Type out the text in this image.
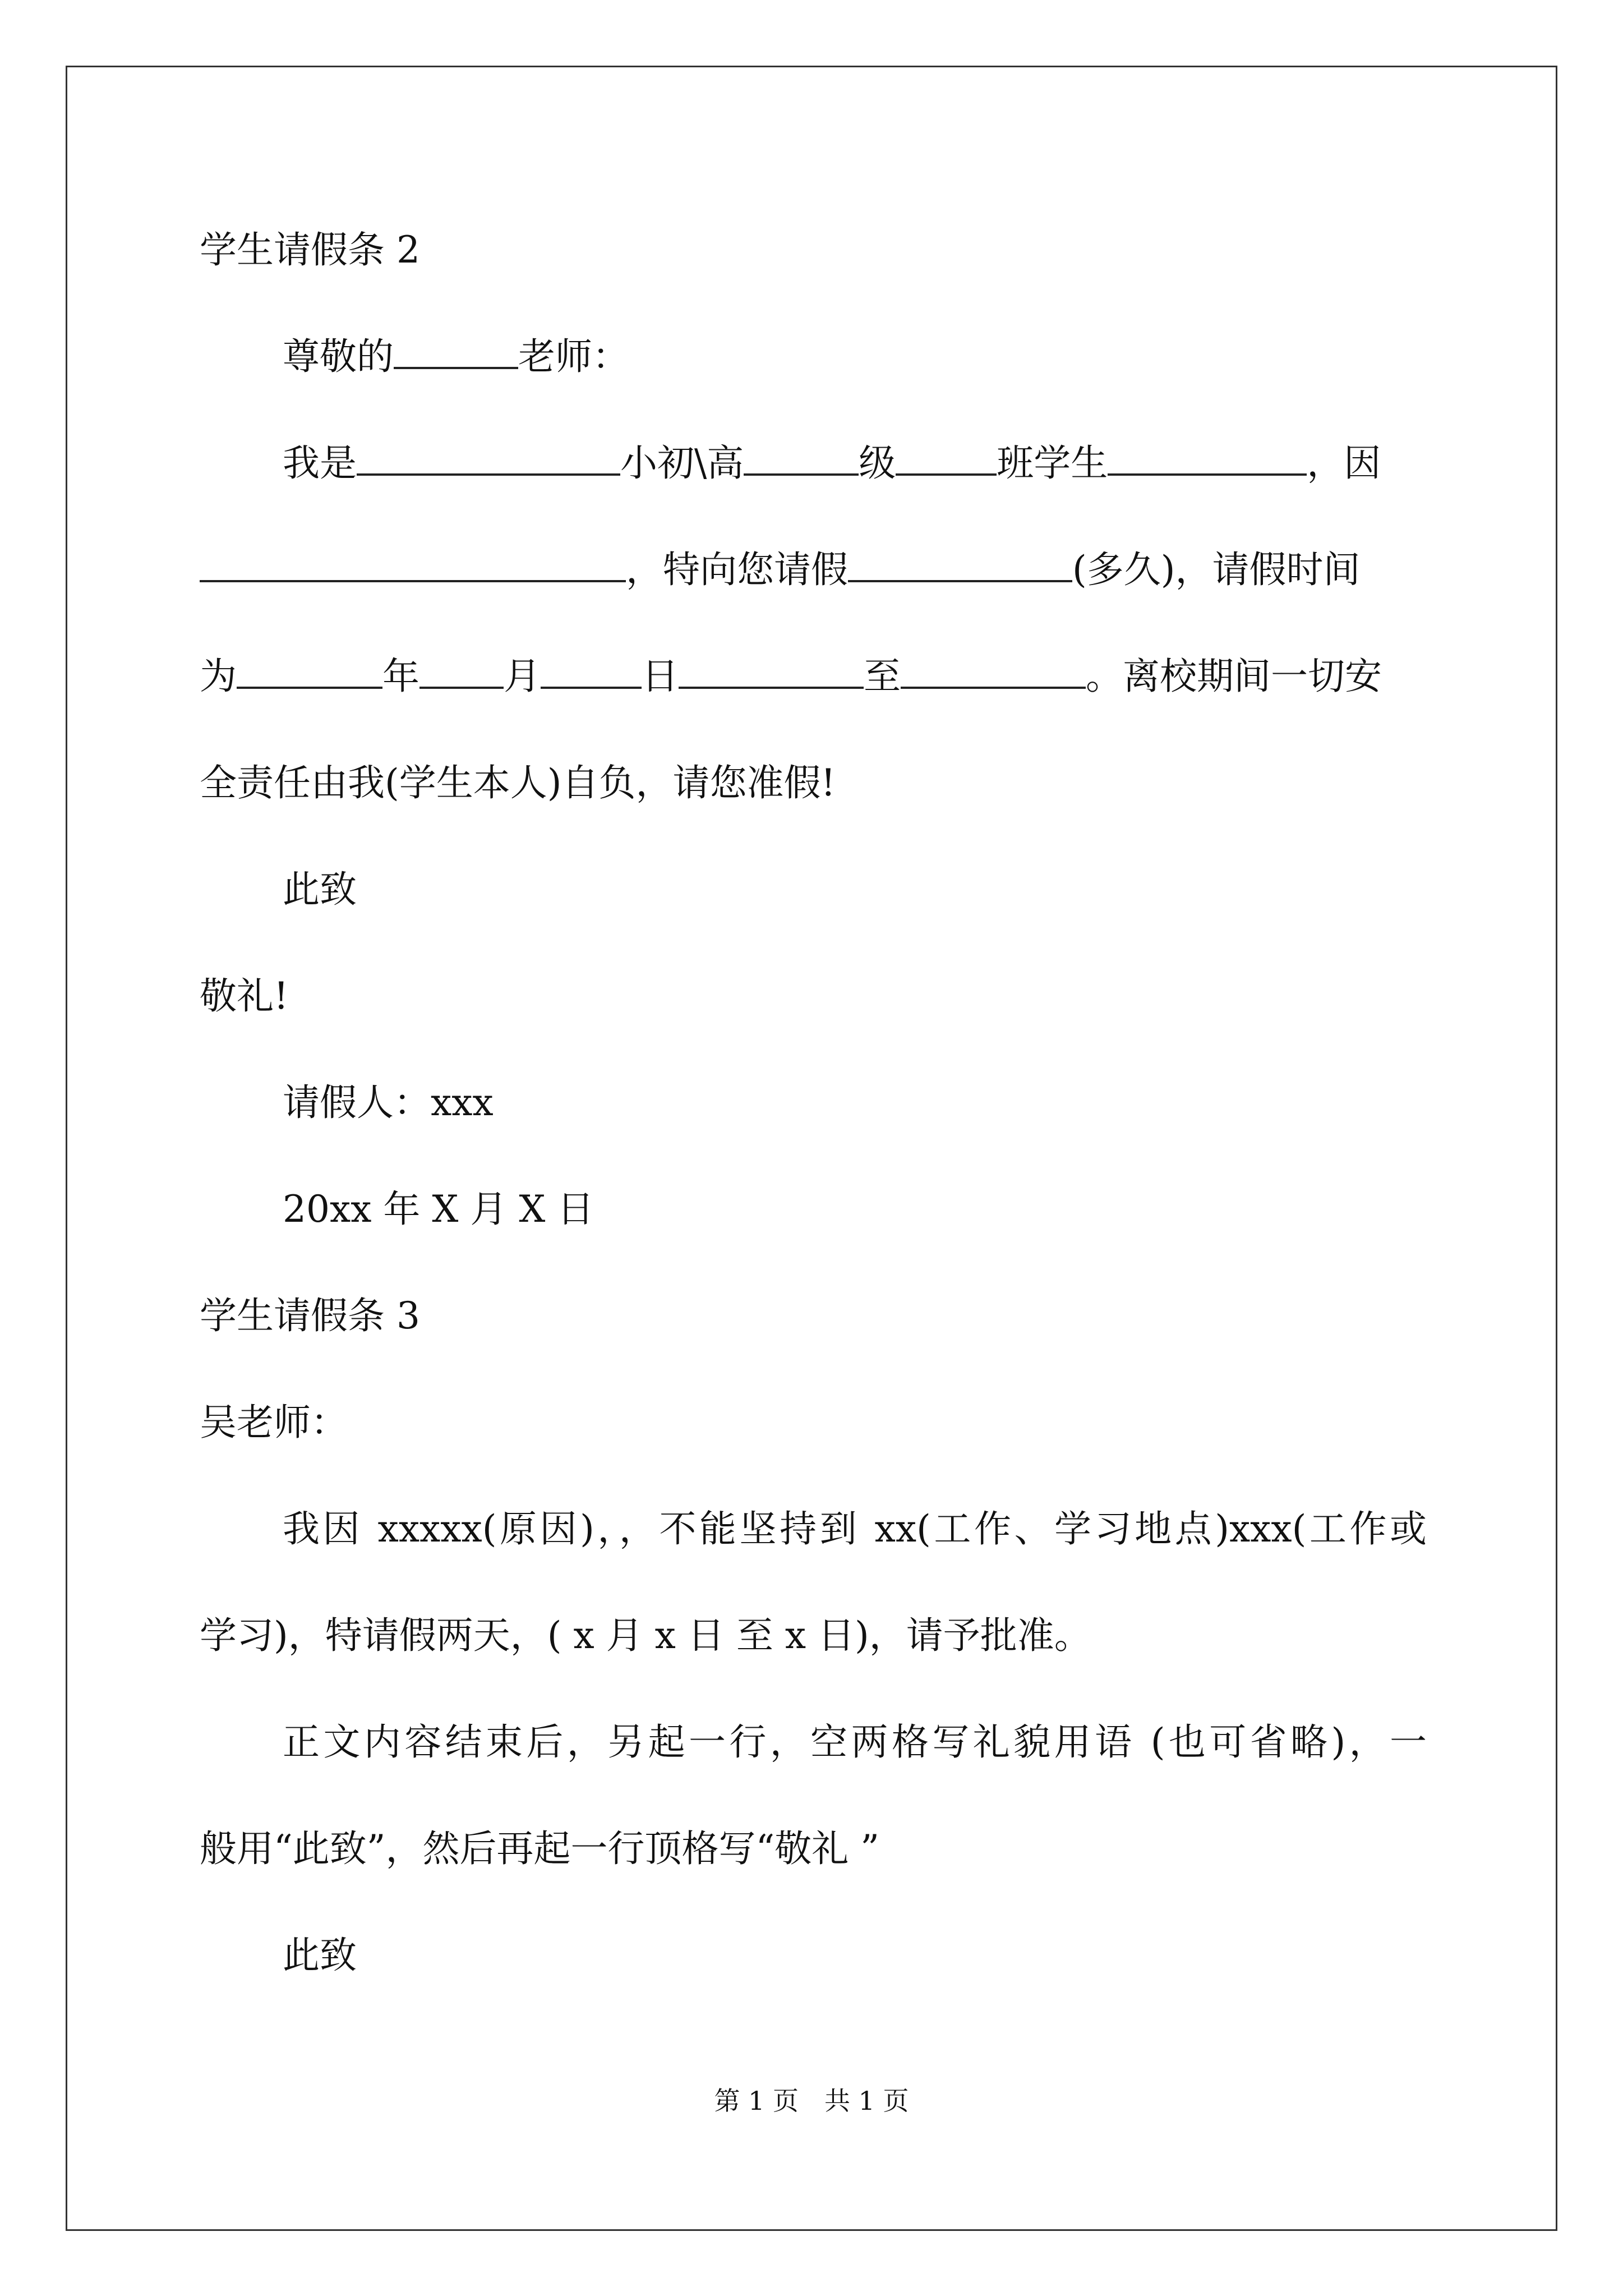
学生请假条 2
尊敬的	老师：
我是	小初\高	级	班学生	，因
，特向您请假	(多久)，请假时间
为	年 月	日	至	。离校期间一切安
全责任由我(学生本人)自负，请您准假!
此致
敬礼!
请假人：xxx
20xx 年 X 月 X 日
学生请假条 3
吴老师：
我因 xxxxx(原因)，，不能坚持到 xx(工作、学习地点)xxx(工作或
学习)，特请假两天，( x 月 x 日 至 x 日)，请予批准。
正文内容结束后，另起一行，空两格写礼貌用语 (也可省略)，一
般用“此致”，然后再起一行顶格写“敬礼 ”
此致
第 1 页　共 1 页
